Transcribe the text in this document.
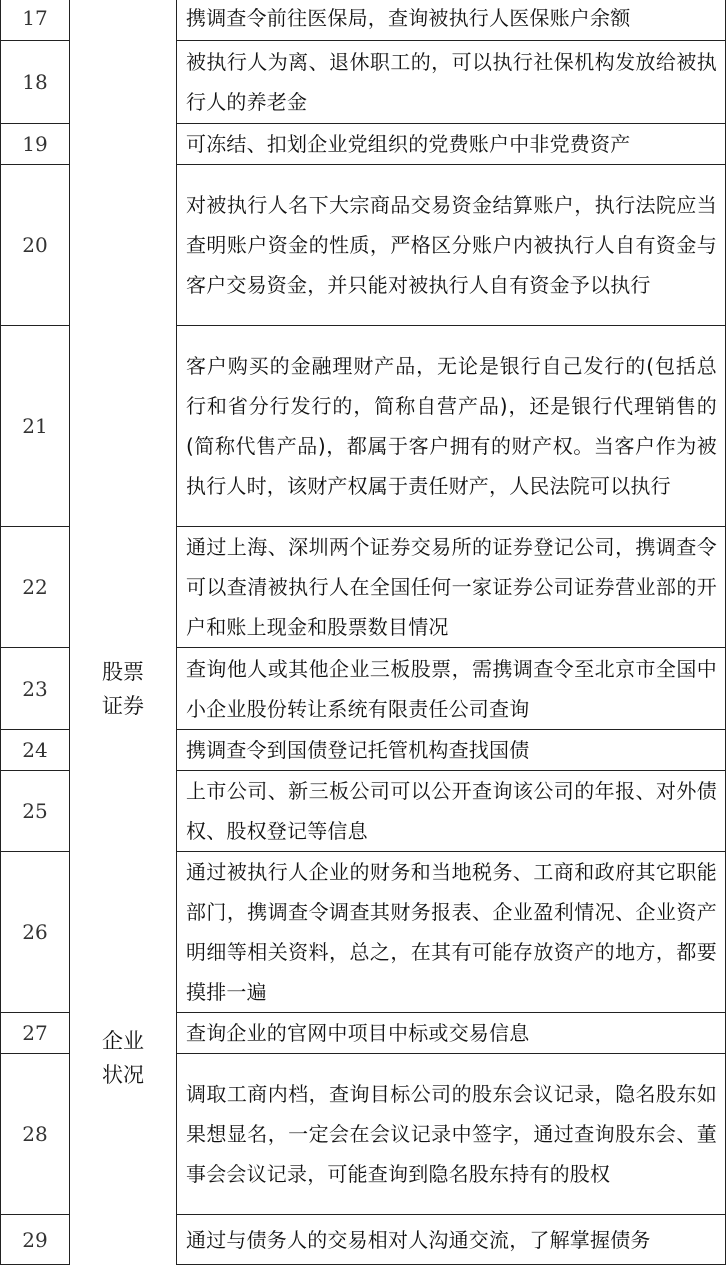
17		携调查令前往医保局，查询被执行人医保账户余额
18		被执行人为离、退休职工的，可以执行社保机构发放给被执行人的养老金
19		可冻结、扣划企业党组织的党费账户中非党费资产
20		对被执行人名下大宗商品交易资金结算账户，执行法院应当查明账户资金的性质，严格区分账户内被执行人自有资金与客户交易资金，并只能对被执行人自有资金予以执行
21		客户购买的金融理财产品，无论是银行自己发行的(包括总行和省分行发行的，简称自营产品)，还是银行代理销售的(简称代售产品)，都属于客户拥有的财产权。当客户作为被执行人时，该财产权属于责任财产，人民法院可以执行
22	股票证券	通过上海、深圳两个证券交易所的证券登记公司，携调查令可以查清被执行人在全国任何一家证券公司证券营业部的开户和账上现金和股票数目情况
23		查询他人或其他企业三板股票，需携调查令至北京市全国中小企业股份转让系统有限责任公司查询
24		携调查令到国债登记托管机构查找国债
25		上市公司、新三板公司可以公开查询该公司的年报、对外债权、股权登记等信息
26	企业状况	通过被执行人企业的财务和当地税务、工商和政府其它职能部门，携调查令调查其财务报表、企业盈利情况、企业资产明细等相关资料，总之，在其有可能存放资产的地方，都要摸排一遍
27		查询企业的官网中项目中标或交易信息
28		调取工商内档，查询目标公司的股东会议记录，隐名股东如果想显名，一定会在会议记录中签字，通过查询股东会、董事会会议记录，可能查询到隐名股东持有的股权
29		通过与债务人的交易相对人沟通交流，了解掌握债务
